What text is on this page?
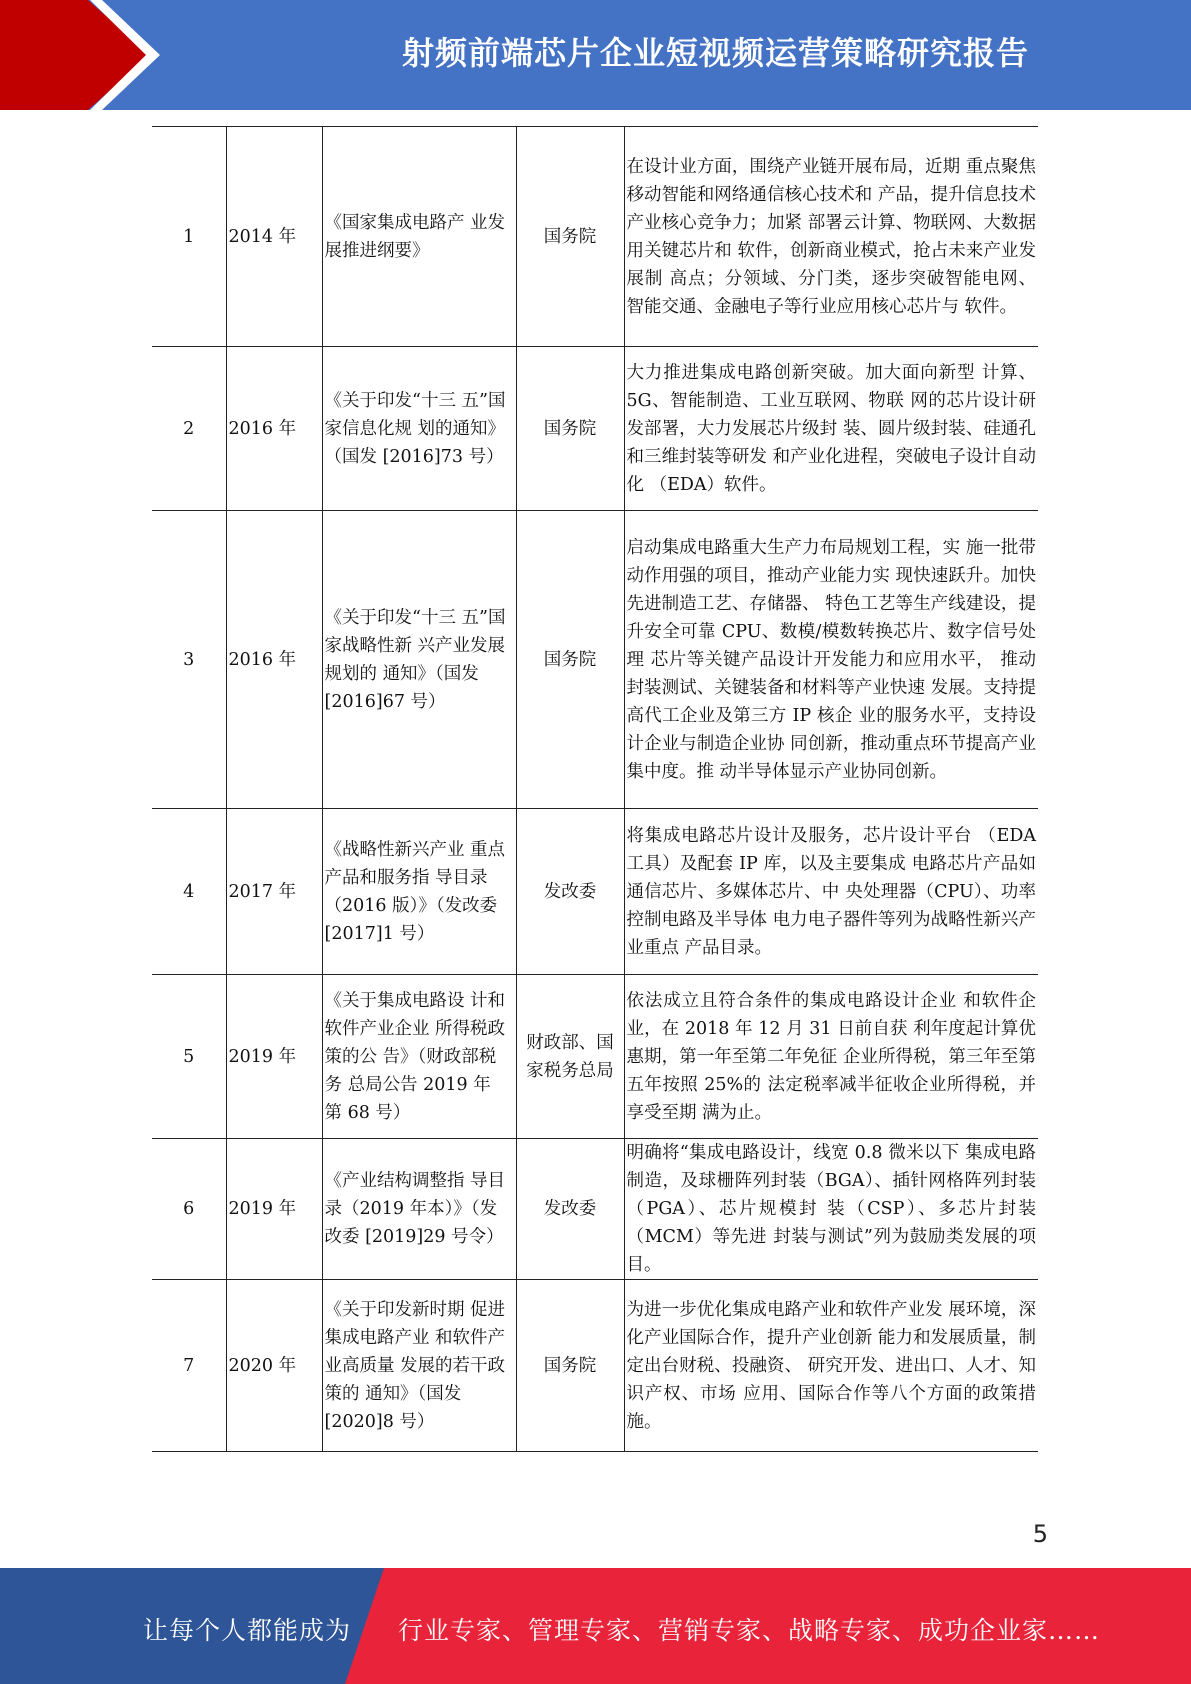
射频前端芯片企业短视频运营策略研究报告
1	2014 年	《国家集成电路产 业发展推进纲要》	国务院	在设计业方面，围绕产业链开展布局，近期 重点聚焦移动智能和网络通信核心技术和 产品，提升信息技术产业核心竞争力；加紧 部署云计算、物联网、大数据用关键芯片和 软件，创新商业模式，抢占未来产业发展制 高点；分领域、分门类，逐步突破智能电网、 智能交通、金融电子等行业应用核心芯片与 软件。
2	2016 年	《关于印发“十三 五”国家信息化规 划的通知》（国发 [2016]73 号）	国务院	大力推进集成电路创新突破。加大面向新型 计算、5G、智能制造、工业互联网、物联 网的芯片设计研发部署，大力发展芯片级封 装、圆片级封装、硅通孔和三维封装等研发 和产业化进程，突破电子设计自动化 （EDA）软件。
3	2016 年	《关于印发“十三 五”国家战略性新 兴产业发展规划的 通知》（国发 [2016]67 号）	国务院	启动集成电路重大生产力布局规划工程，实 施一批带动作用强的项目，推动产业能力实 现快速跃升。加快先进制造工艺、存储器、 特色工艺等生产线建设，提升安全可靠 CPU、数模/模数转换芯片、数字信号处理 芯片等关键产品设计开发能力和应用水平， 推动封装测试、关键装备和材料等产业快速 发展。支持提高代工企业及第三方 IP 核企 业的服务水平，支持设计企业与制造企业协 同创新，推动重点环节提高产业集中度。推 动半导体显示产业协同创新。
4	2017 年	《战略性新兴产业 重点产品和服务指 导目录（2016 版）》（发改委[2017]1 号）	发改委	将集成电路芯片设计及服务，芯片设计平台 （EDA 工具）及配套 IP 库，以及主要集成 电路芯片产品如通信芯片、多媒体芯片、中 央处理器（CPU）、功率控制电路及半导体 电力电子器件等列为战略性新兴产业重点 产品目录。
5	2019 年	《关于集成电路设 计和软件产业企业 所得税政策的公 告》（财政部税务 总局公告 2019 年 第 68 号）	财政部、国家税务总局	依法成立且符合条件的集成电路设计企业 和软件企业，在 2018 年 12 月 31 日前自获 利年度起计算优惠期，第一年至第二年免征 企业所得税，第三年至第五年按照 25%的 法定税率减半征收企业所得税，并享受至期 满为止。
6	2019 年	《产业结构调整指 导目录（2019 年本）》（发改委 [2019]29 号令）	发改委	明确将“集成电路设计，线宽 0.8 微米以下 集成电路制造，及球栅阵列封装（BGA）、插针网格阵列封装（PGA）、芯片规模封 装（CSP）、多芯片封装（MCM）等先进 封装与测试”列为鼓励类发展的项目。
7	2020 年	《关于印发新时期 促进集成电路产业 和软件产业高质量 发展的若干政策的 通知》（国发[2020]8 号）	国务院	为进一步优化集成电路产业和软件产业发 展环境，深化产业国际合作，提升产业创新 能力和发展质量，制定出台财税、投融资、 研究开发、进出口、人才、知识产权、市场 应用、国际合作等八个方面的政策措施。
5
让每个人都能成为 行业专家、管理专家、营销专家、战略专家、成功企业家……
